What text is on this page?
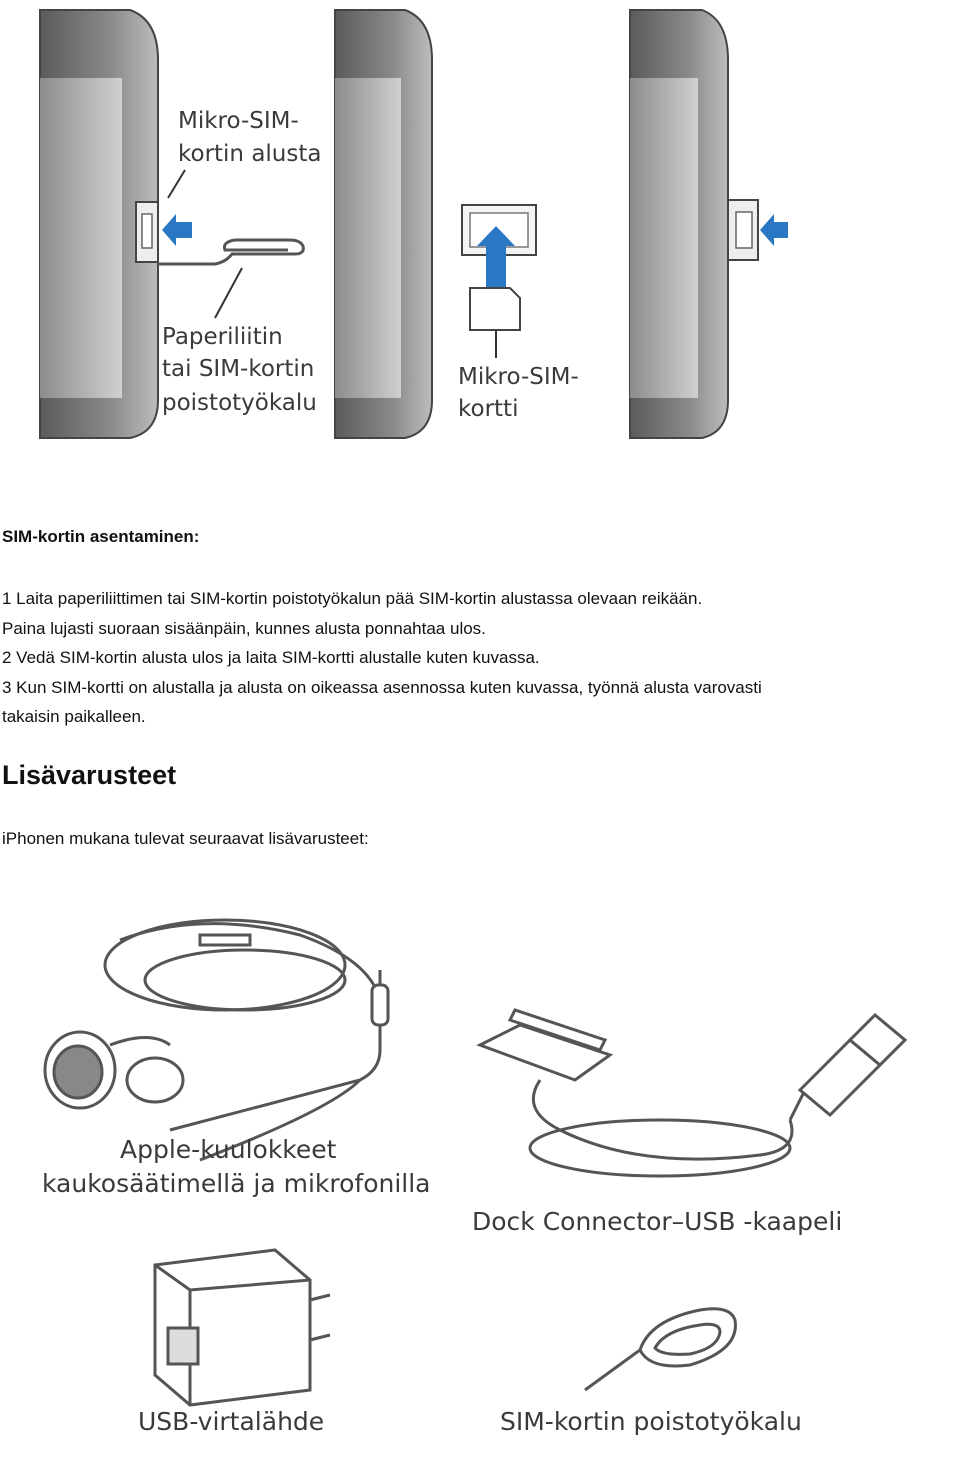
Mikro-SIM- kortin alusta
Paperiliitin tai SIM-kortin poistotyökalu
Mikro-SIM- kortti
SIM-kortin asentaminen:

1 Laita paperiliittimen tai SIM-kortin poistotyökalun pää SIM-kortin alustassa olevaan reikään.

Paina lujasti suoraan sisäänpäin, kunnes alusta ponnahtaa ulos.

2 Vedä SIM-kortin alusta ulos ja laita SIM-kortti alustalle kuten kuvassa.

3 Kun SIM-kortti on alustalla ja alusta on oikeassa asennossa kuten kuvassa, työnnä alusta varovasti

takaisin paikalleen.

Lisävarusteet

iPhonen mukana tulevat seuraavat lisävarusteet:

Apple-kuulokkeet kaukosäätimellä ja mikrofonilla
Dock Connector–USB -kaapeli
USB-virtalähde	SIM-kortin poistotyökalu
